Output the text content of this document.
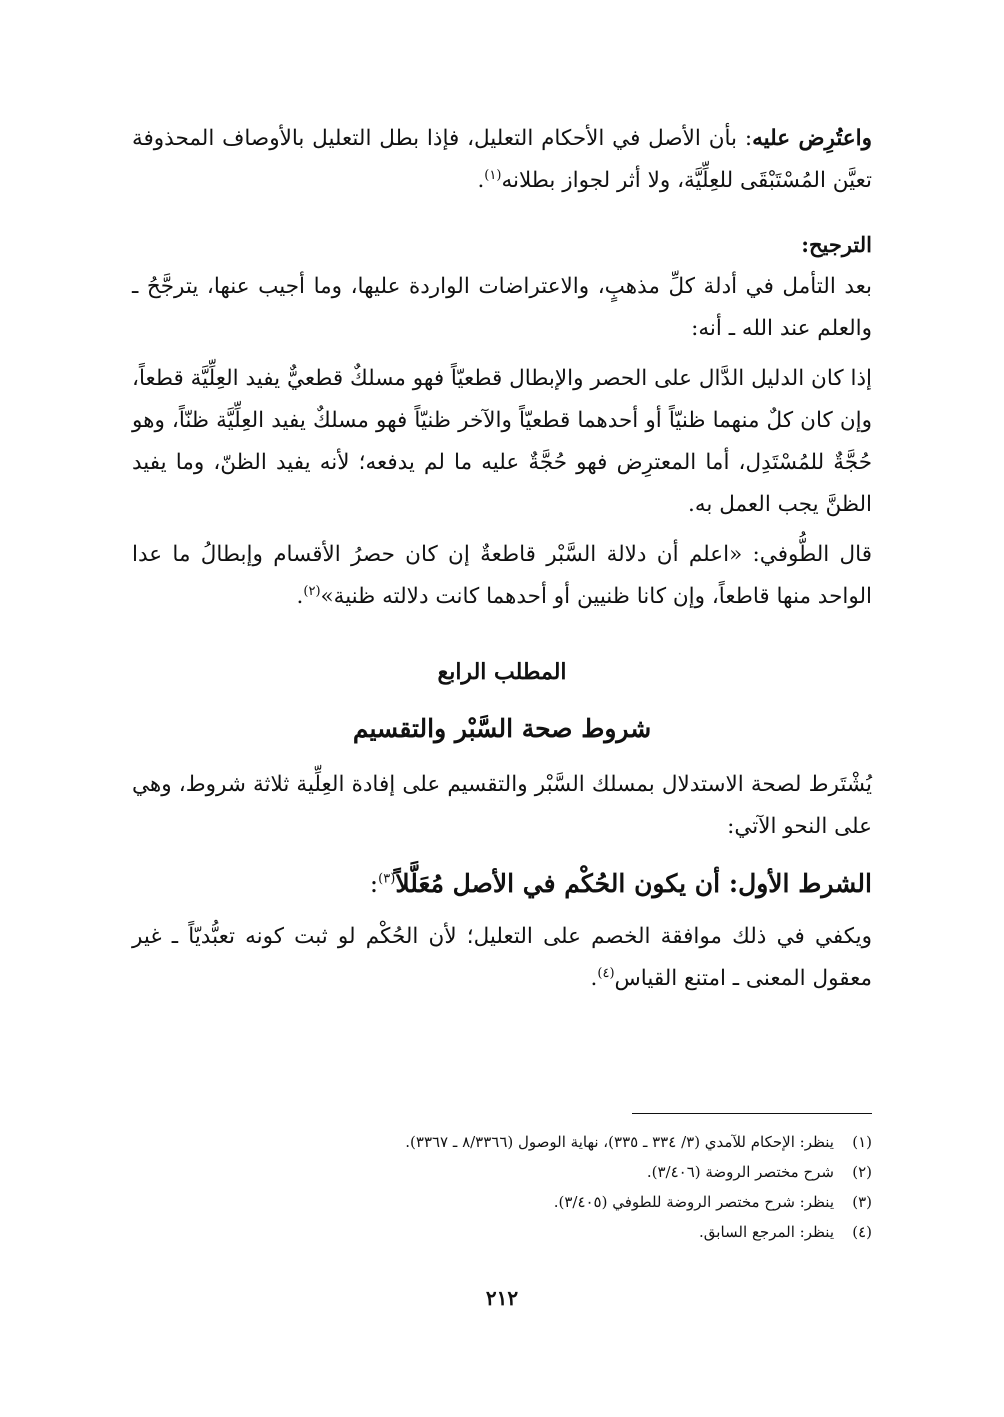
واعتُرِض عليه: بأن الأصل في الأحكام التعليل، فإذا بطل التعليل بالأوصاف المحذوفة تعيَّن المُسْتَبْقَى للعِلِّيَّة، ولا أثر لجواز بطلانه$^{(١)}$.

الترجيح:

بعد التأمل في أدلة كلِّ مذهبٍ، والاعتراضات الواردة عليها، وما أجيب عنها، يترجَّحُ ـ والعلم عند الله ـ أنه:

إذا كان الدليل الدَّال على الحصر والإبطال قطعيّاً فهو مسلكٌ قطعيٌّ يفيد العِلِّيَّة قطعاً، وإن كان كلٌ منهما ظنيّاً أو أحدهما قطعيّاً والآخر ظنيّاً فهو مسلكٌ يفيد العِلِّيَّة ظنّاً، وهو حُجَّةٌ للمُسْتَدِل، أما المعترِض فهو حُجَّةٌ عليه ما لم يدفعه؛ لأنه يفيد الظنّ، وما يفيد الظنَّ يجب العمل به.

قال الطُّوفي: «اعلم أن دلالة السَّبْر قاطعةٌ إن كان حصرُ الأقسام وإبطالُ ما عدا الواحد منها قاطعاً، وإن كانا ظنيين أو أحدهما كانت دلالته ظنية»$^{(٢)}$.

المطلب الرابع
شروط صحة السَّبْر والتقسيم

يُشْتَرط لصحة الاستدلال بمسلك السَّبْر والتقسيم على إفادة العِلِّية ثلاثة شروط، وهي على النحو الآتي:

الشرط الأول: أن يكون الحُكْم في الأصل مُعَلَّلاً$^{(٣)}$:

ويكفي في ذلك موافقة الخصم على التعليل؛ لأن الحُكْم لو ثبت كونه تعبُّديّاً ـ غير معقول المعنى ـ امتنع القياس$^{(٤)}$.

(١)
ينظر: الإحكام للآمدي (٣/ ٣٣٤ ـ ٣٣٥)، نهاية الوصول (٨/٣٣٦٦ ـ ٣٣٦٧).
(٢)
شرح مختصر الروضة (٣/٤٠٦).
(٣)
ينظر: شرح مختصر الروضة للطوفي (٣/٤٠٥).
(٤)
ينظر: المرجع السابق.
٢١٢
